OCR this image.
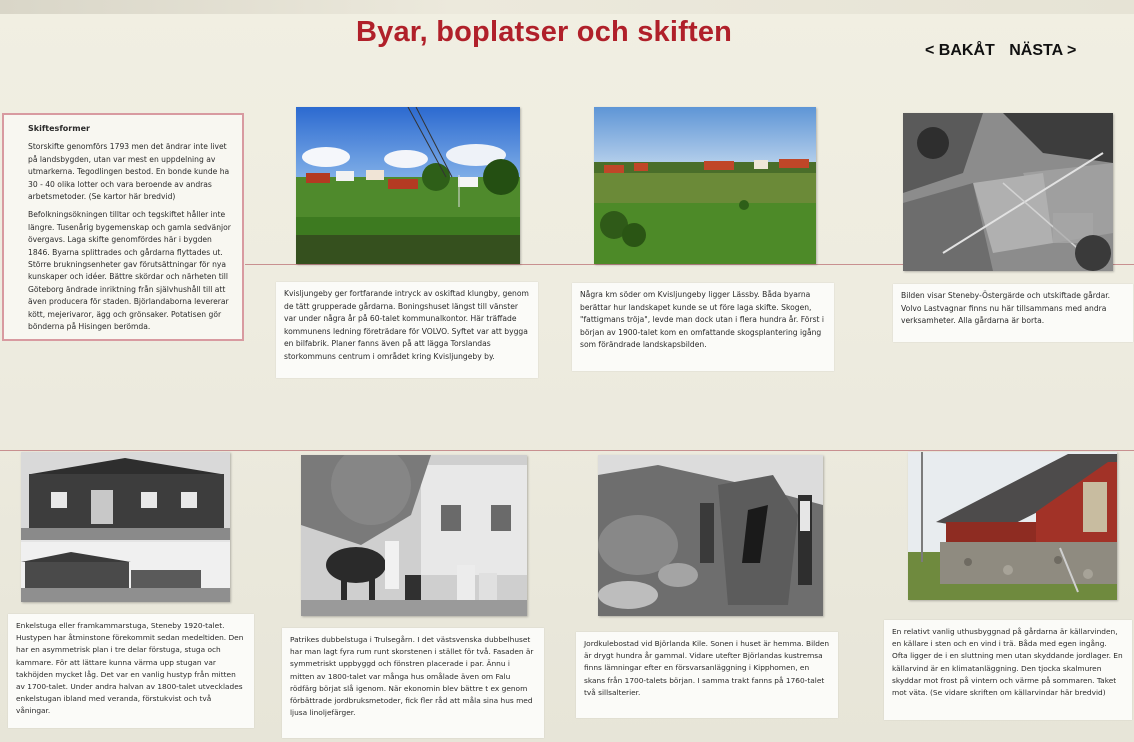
Byar, boplatser och skiften
< BAKÅT NÄSTA >
Skiftesformer
Storskifte genomförs 1793 men det ändrar inte livet på landsbygden, utan var mest en uppdelning av utmarkerna. Tegodlingen bestod. En bonde kunde ha 30 - 40 olika lotter och vara beroende av andras arbetsmetoder. (Se kartor här bredvid)
Befolkningsökningen tilltar och tegskiftet håller inte längre. Tusenårig bygemenskap och gamla sedvänjor övergavs. Laga skifte genomfördes här i bygden 1846. Byarna splittrades och gårdarna flyttades ut. Större brukningsenheter gav förutsättningar för nya kunskaper och idéer. Bättre skördar och närheten till Göteborg ändrade inriktning från självhushåll till att även producera för staden. Björlandaborna levererar kött, mejerivaror, ägg och grönsaker. Potatisen gör bönderna på Hisingen berömda.
Kvisljungeby ger fortfarande intryck av oskiftad klungby, genom de tätt grupperade gårdarna. Boningshuset längst till vänster var under några år på 60-talet kommunalkontor. Här träffade kommunens ledning företrädare för VOLVO. Syftet var att bygga en bilfabrik. Planer fanns även på att lägga Torslandas storkommuns centrum i området kring Kvisljungeby by.
Några km söder om Kvisljungeby ligger Lässby. Båda byarna berättar hur landskapet kunde se ut före laga skifte. Skogen, "fattigmans tröja", levde man dock utan i flera hundra år. Först i början av 1900-talet kom en omfattande skogsplantering igång som förändrade landskapsbilden.
Bilden visar Steneby-Östergärde och utskiftade gårdar. Volvo Lastvagnar finns nu här tillsammans med andra verksamheter. Alla gårdarna är borta.
Enkelstuga eller framkammarstuga, Steneby 1920-talet. Hustypen har åtminstone förekommit sedan medeltiden. Den har en asymmetrisk plan i tre delar förstuga, stuga och kammare. För att lättare kunna värma upp stugan var takhöjden mycket låg. Det var en vanlig hustyp från mitten av 1700-talet. Under andra halvan av 1800-talet utvecklades enkelstugan ibland med veranda, förstukvist och två våningar.
Patrikes dubbelstuga i Trulsegårn. I det västsvenska dubbelhuset har man lagt fyra rum runt skorstenen i stället för två. Fasaden är symmetriskt uppbyggd och fönstren placerade i par. Ännu i mitten av 1800-talet var många hus omålade även om Falu rödfärg börjat slå igenom. När ekonomin blev bättre t ex genom förbättrade jordbruksmetoder, fick fler råd att måla sina hus med ljusa linoljefärger.
Jordkulebostad vid Björlanda Kile. Sonen i huset är hemma. Bilden är drygt hundra år gammal. Vidare utefter Björlandas kustremsa finns lämningar efter en försvarsanläggning i Kipphomen, en skans från 1700-talets början. I samma trakt fanns på 1760-talet två sillsalterier.
En relativt vanlig uthusbyggnad på gårdarna är källarvinden, en källare i sten och en vind i trä. Båda med egen ingång. Ofta ligger de i en sluttning men utan skyddande jordlager. En källarvind är en klimatanläggning. Den tjocka skalmuren skyddar mot frost på vintern och värme på sommaren. Taket mot väta. (Se vidare skriften om källarvindar här bredvid)
